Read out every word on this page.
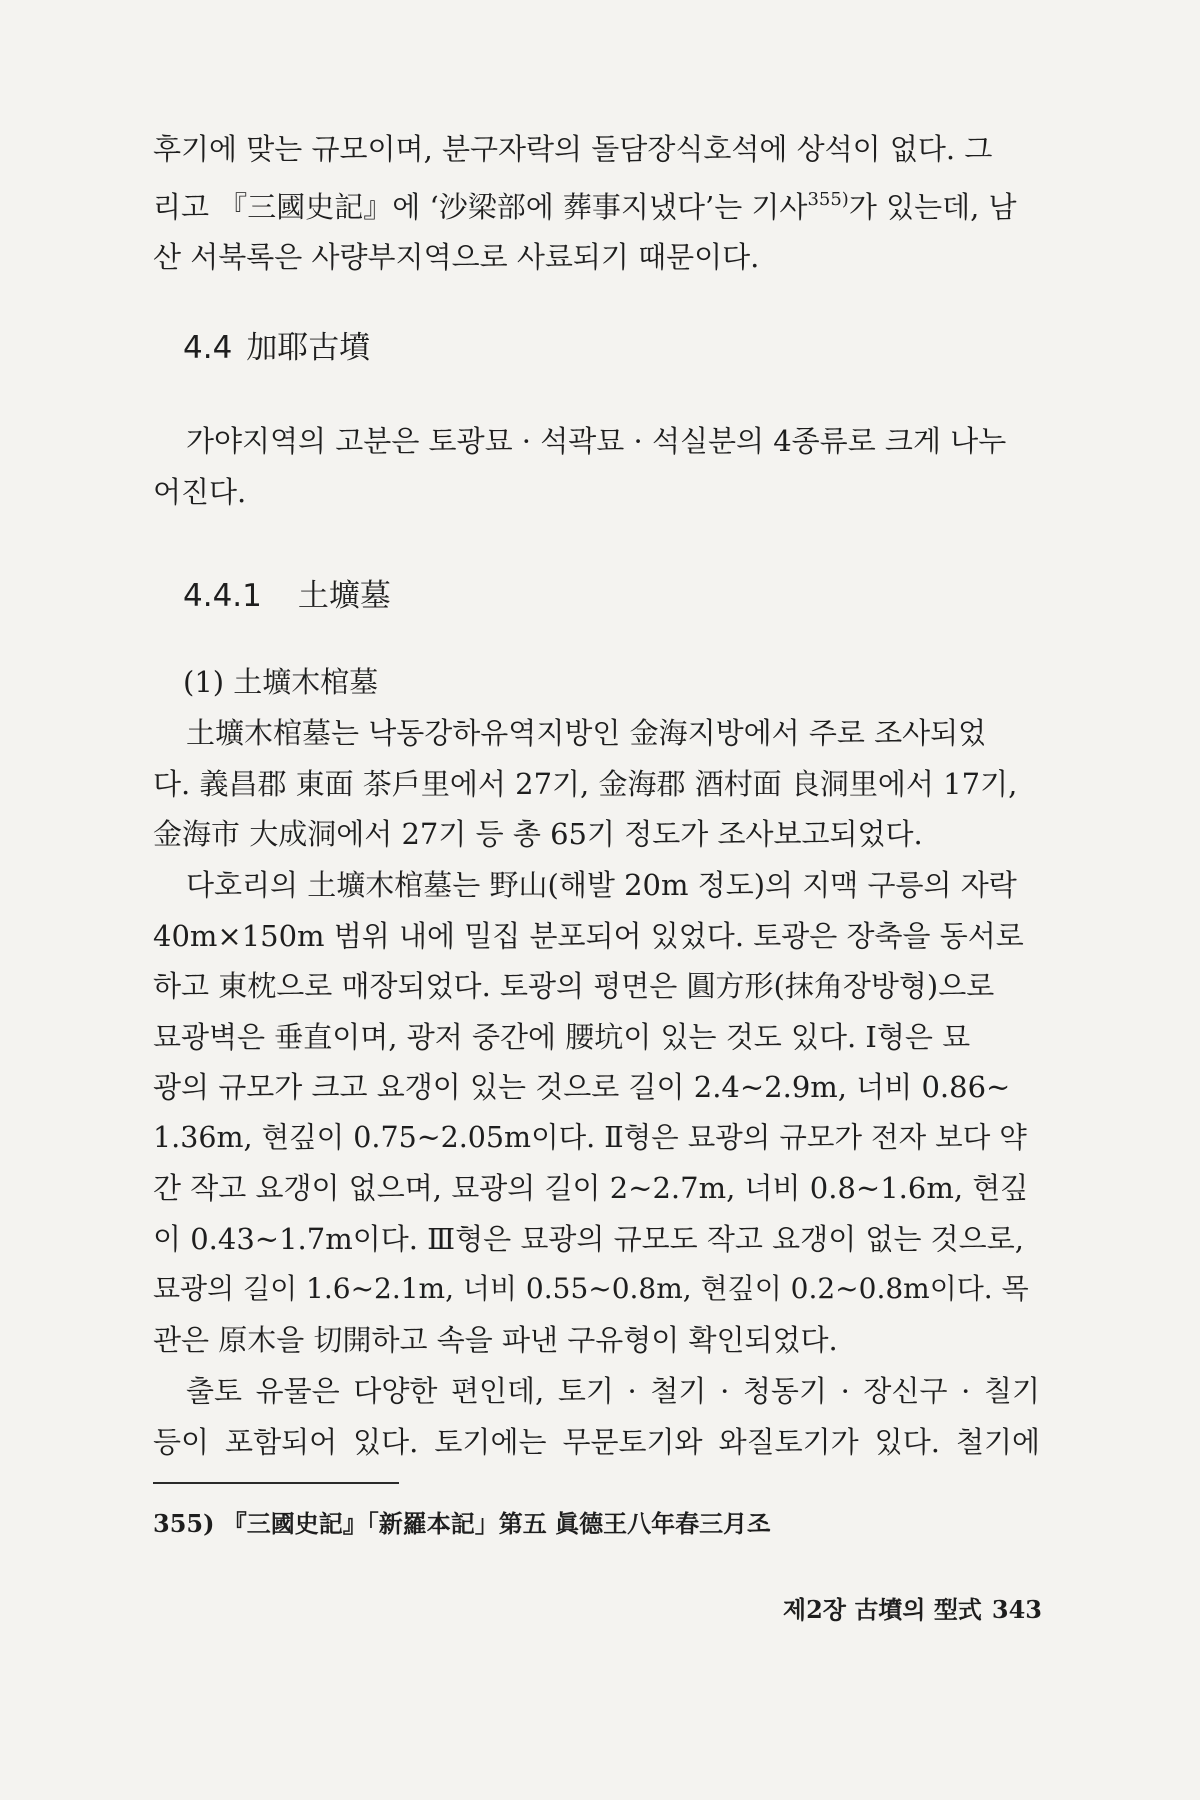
후기에 맞는 규모이며, 분구자락의 돌담장식호석에 상석이 없다. 그
리고 『三國史記』에 ‘沙梁部에 葬事지냈다’는 기사$^{355)}$가 있는데, 남
산 서북록은 사량부지역으로 사료되기 때문이다.
4.4 加耶古墳
가야지역의 고분은 토광묘 · 석곽묘 · 석실분의 4종류로 크게 나누
어진다.
4.4.1 土壙墓
(1) 土壙木棺墓
土壙木棺墓는 낙동강하유역지방인 金海지방에서 주로 조사되었
다. 義昌郡 東面 茶戶里에서 27기, 金海郡 酒村面 良洞里에서 17기,
金海市 大成洞에서 27기 등 총 65기 정도가 조사보고되었다.
다호리의 土壙木棺墓는 野山(해발 20m 정도)의 지맥 구릉의 자락
40m×150m 범위 내에 밀집 분포되어 있었다. 토광은 장축을 동서로
하고 東枕으로 매장되었다. 토광의 평면은 圓方形(抹角장방형)으로
묘광벽은 垂直이며, 광저 중간에 腰坑이 있는 것도 있다. Ⅰ형은 묘
광의 규모가 크고 요갱이 있는 것으로 길이 2.4~2.9m, 너비 0.86~
1.36m, 현깊이 0.75~2.05m이다. Ⅱ형은 묘광의 규모가 전자 보다 약
간 작고 요갱이 없으며, 묘광의 길이 2~2.7m, 너비 0.8~1.6m, 현깊
이 0.43~1.7m이다. Ⅲ형은 묘광의 규모도 작고 요갱이 없는 것으로,
묘광의 길이 1.6~2.1m, 너비 0.55~0.8m, 현깊이 0.2~0.8m이다. 목
관은 原木을 切開하고 속을 파낸 구유형이 확인되었다.
출토 유물은 다양한 편인데, 토기 · 철기 · 청동기 · 장신구 · 칠기
등이 포함되어 있다. 토기에는 무문토기와 와질토기가 있다. 철기에

355) 『三國史記』「新羅本記」第五 眞德王八年春三月조

제2장 古墳의 型式 343
